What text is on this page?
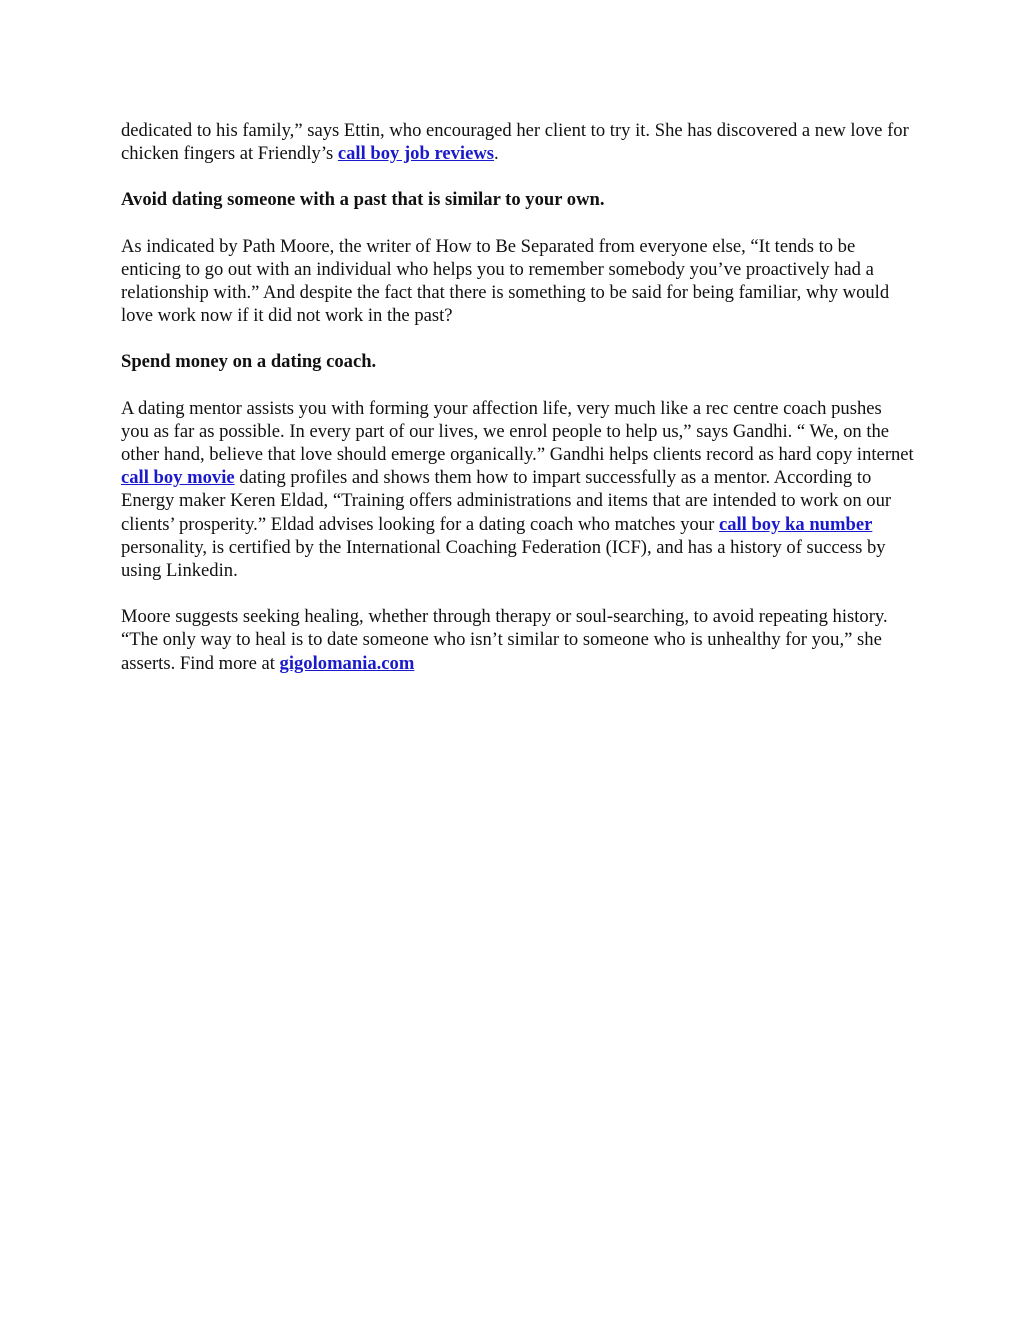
dedicated to his family,” says Ettin, who encouraged her client to try it. She has discovered a new love for chicken fingers at Friendly’s call boy job reviews.

Avoid dating someone with a past that is similar to your own.

As indicated by Path Moore, the writer of How to Be Separated from everyone else, “It tends to be enticing to go out with an individual who helps you to remember somebody you’ve proactively had a relationship with.” And despite the fact that there is something to be said for being familiar, why would love work now if it did not work in the past?

Spend money on a dating coach.

A dating mentor assists you with forming your affection life, very much like a rec centre coach pushes you as far as possible. In every part of our lives, we enrol people to help us,” says Gandhi. “ We, on the other hand, believe that love should emerge organically.” Gandhi helps clients record as hard copy internet call boy movie dating profiles and shows them how to impart successfully as a mentor. According to Energy maker Keren Eldad, “Training offers administrations and items that are intended to work on our clients’ prosperity.” Eldad advises looking for a dating coach who matches your call boy ka number personality, is certified by the International Coaching Federation (ICF), and has a history of success by using Linkedin.

Moore suggests seeking healing, whether through therapy or soul-searching, to avoid repeating history. “The only way to heal is to date someone who isn’t similar to someone who is unhealthy for you,” she asserts. Find more at gigolomania.com
